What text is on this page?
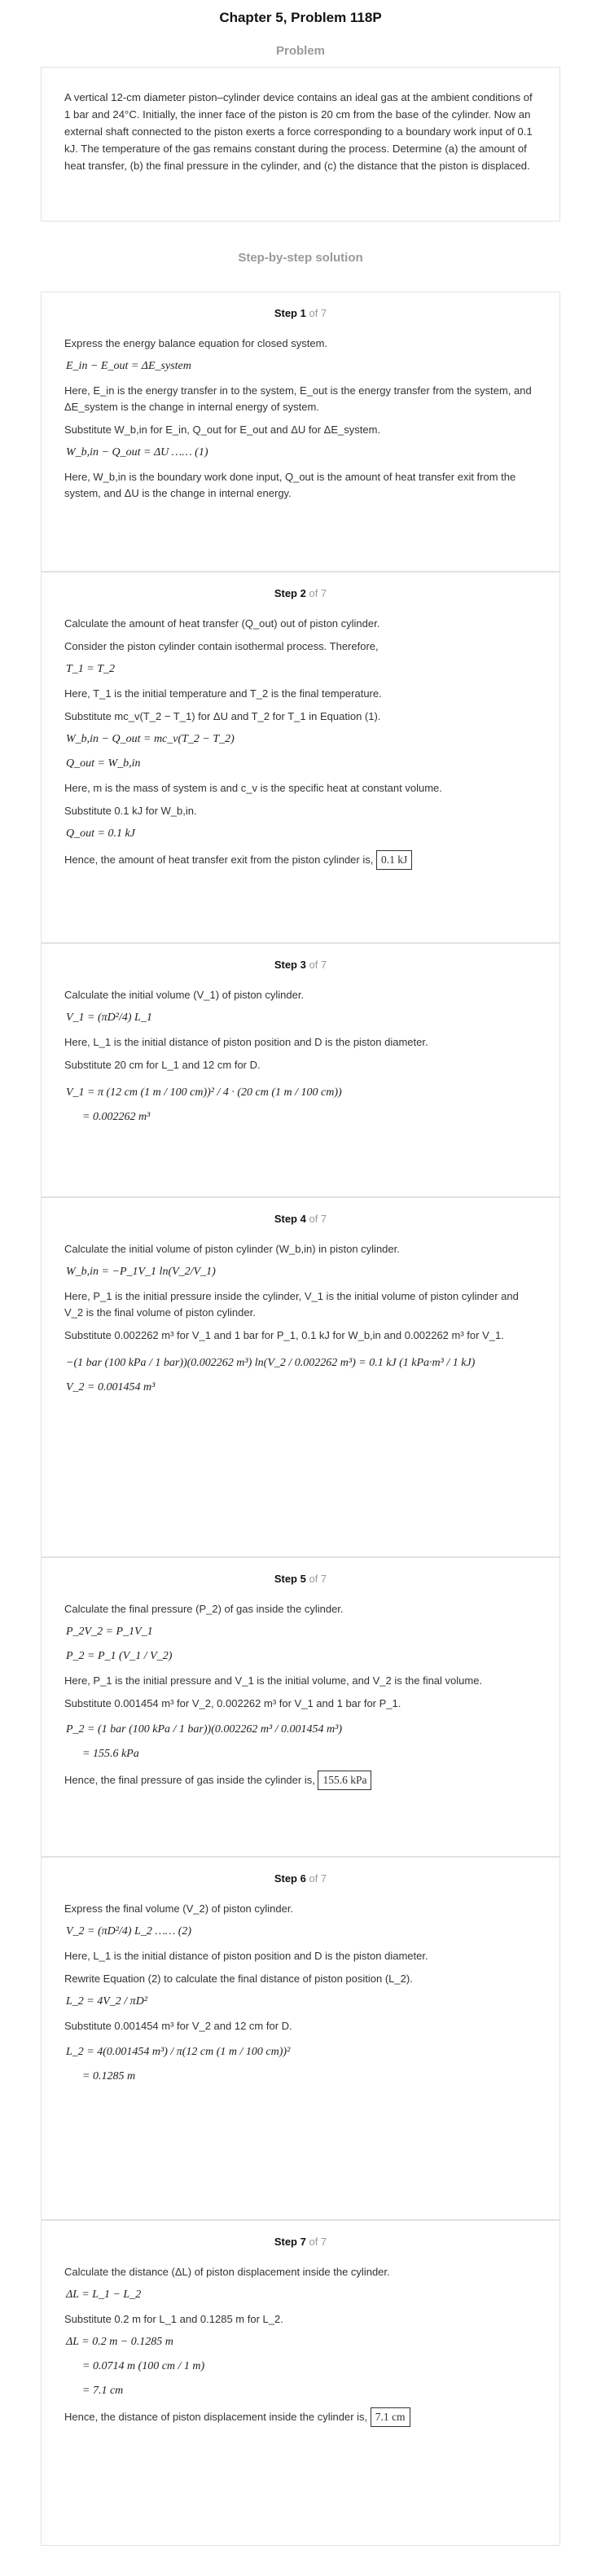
Chapter 5, Problem 118P
Problem
A vertical 12-cm diameter piston–cylinder device contains an ideal gas at the ambient conditions of 1 bar and 24°C. Initially, the inner face of the piston is 20 cm from the base of the cylinder. Now an external shaft connected to the piston exerts a force corresponding to a boundary work input of 0.1 kJ. The temperature of the gas remains constant during the process. Determine (a) the amount of heat transfer, (b) the final pressure in the cylinder, and (c) the distance that the piston is displaced.
Step-by-step solution
Step 1 of 7

Express the energy balance equation for closed system.

E_in − E_out = ΔE_system

Here, E_in is the energy transfer in to the system, E_out is the energy transfer from the system, and ΔE_system is the change in internal energy of system.

Substitute W_b,in for E_in, Q_out for E_out and ΔU for ΔE_system.

W_b,in − Q_out = ΔU …… (1)

Here, W_b,in is the boundary work done input, Q_out is the amount of heat transfer exit from the system, and ΔU is the change in internal energy.

Step 2 of 7

Calculate the amount of heat transfer (Q_out) out of piston cylinder.

Consider the piston cylinder contain isothermal process. Therefore,

T_1 = T_2

Here, T_1 is the initial temperature and T_2 is the final temperature.

Substitute mc_v(T_2 − T_1) for ΔU and T_2 for T_1 in Equation (1).

W_b,in − Q_out = mc_v(T_2 − T_2)
Q_out = W_b,in

Here, m is the mass of system is and c_v is the specific heat at constant volume.

Substitute 0.1 kJ for W_b,in.

Q_out = 0.1 kJ

Hence, the amount of heat transfer exit from the piston cylinder is, 0.1 kJ

Step 3 of 7

Calculate the initial volume (V_1) of piston cylinder.

V_1 = (πD²/4) L_1

Here, L_1 is the initial distance of piston position and D is the piston diameter.

Substitute 20 cm for L_1 and 12 cm for D.

V_1 = π (12 cm (1 m / 100 cm))² / 4 · (20 cm (1 m / 100 cm))
= 0.002262 m³
Step 4 of 7

Calculate the initial volume of piston cylinder (W_b,in) in piston cylinder.

W_b,in = −P_1V_1 ln(V_2/V_1)

Here, P_1 is the initial pressure inside the cylinder, V_1 is the initial volume of piston cylinder and V_2 is the final volume of piston cylinder.

Substitute 0.002262 m³ for V_1 and 1 bar for P_1, 0.1 kJ for W_b,in and 0.002262 m³ for V_1.

−(1 bar (100 kPa / 1 bar))(0.002262 m³) ln(V_2 / 0.002262 m³) = 0.1 kJ (1 kPa·m³ / 1 kJ)
V_2 = 0.001454 m³
Step 5 of 7

Calculate the final pressure (P_2) of gas inside the cylinder.

P_2V_2 = P_1V_1
P_2 = P_1 (V_1 / V_2)

Here, P_1 is the initial pressure and V_1 is the initial volume, and V_2 is the final volume.

Substitute 0.001454 m³ for V_2, 0.002262 m³ for V_1 and 1 bar for P_1.

P_2 = (1 bar (100 kPa / 1 bar))(0.002262 m³ / 0.001454 m³)
= 155.6 kPa

Hence, the final pressure of gas inside the cylinder is, 155.6 kPa

Step 6 of 7

Express the final volume (V_2) of piston cylinder.

V_2 = (πD²/4) L_2 …… (2)

Here, L_1 is the initial distance of piston position and D is the piston diameter.

Rewrite Equation (2) to calculate the final distance of piston position (L_2).

L_2 = 4V_2 / πD²

Substitute 0.001454 m³ for V_2 and 12 cm for D.

L_2 = 4(0.001454 m³) / π(12 cm (1 m / 100 cm))²
= 0.1285 m
Step 7 of 7

Calculate the distance (ΔL) of piston displacement inside the cylinder.

ΔL = L_1 − L_2

Substitute 0.2 m for L_1 and 0.1285 m for L_2.

ΔL = 0.2 m − 0.1285 m
= 0.0714 m (100 cm / 1 m)
= 7.1 cm

Hence, the distance of piston displacement inside the cylinder is, 7.1 cm
